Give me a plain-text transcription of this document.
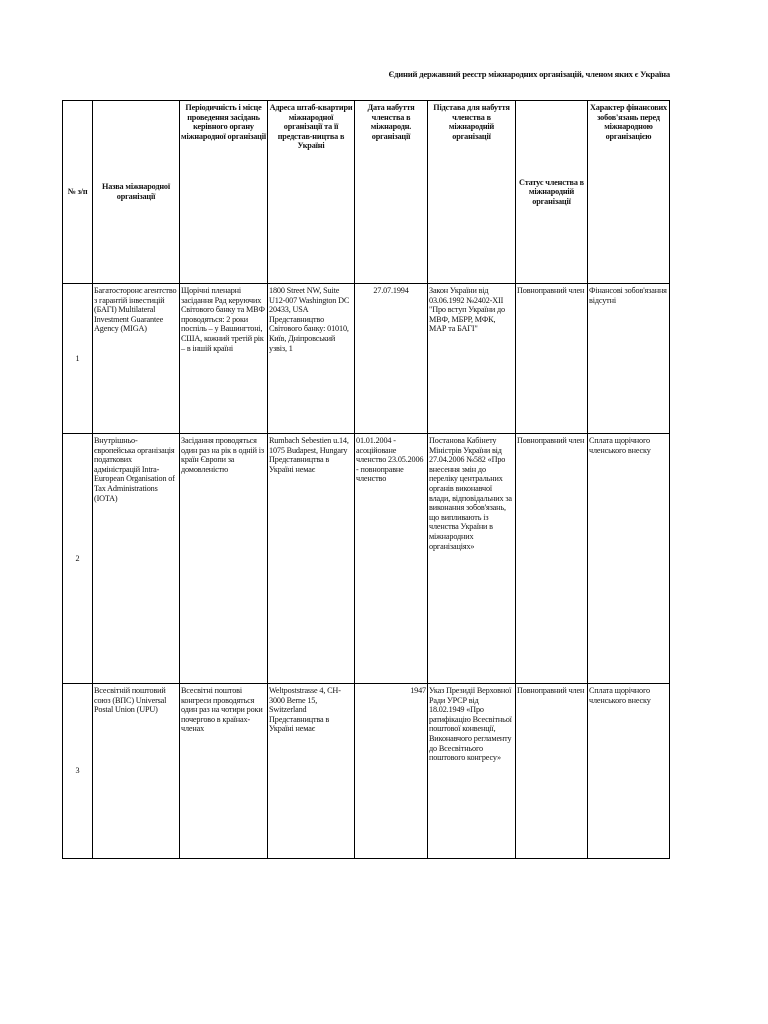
Єдиний державний реєстр міжнародних організацій, членом яких є Україна
№ з/п	Назва міжнародної організації	Періодичність і місце проведення засідань керівного органу міжнародної організації	Адреса штаб-квартири міжнародної організації та її представ-ництва в Україні	Дата набуття членства в міжнародн. організації	Підстава для набуття членства в міжнародній організації	Статус членства в міжнародній організації	Характер фінансових зобов'язань перед міжнародною організацією
1	Багатосторонє агентство з гарантій інвестицій (БАГІ) Multilateral Investment Guarantee Agency (MIGA)	Щорічні пленарні засідання Рад керуючих Світового банку та МВФ проводяться: 2 роки поспіль – у Вашингтоні, США, кожний третій рік – в іншій країні	1800 Street NW, Suite U12-007 Washington DC 20433, USA Представництво Світового банку: 01010, Київ, Дніпровський узвіз, 1	27.07.1994	Закон України від 03.06.1992 №2402-XII "Про вступ України до МВФ, МБРР, МФК, МАР та БАГІ"	Повноправний член	Фінансові зобов'язання відсутні
2	Внутрішньо-європейська організація податкових адміністрацій Intra-European Organisation of Tax Administrations (IOTA)	Засідання проводяться один раз на рік в одній із країн Європи за домовленістю	Rumbach Sebestien u.14, 1075 Budapest, Hungary Представництва в Україні немає	01.01.2004 - асоційоване членство 23.05.2006 - повноправне членство	Постанова Кабінету Міністрів України від 27.04.2006 №582 «Про внесення змін до переліку центральних органів виконавчої влади, відповідальних за виконання зобов'язань, що випливають із членства України в міжнародних організаціях»	Повноправний член	Сплата щорічного членського внеску
3	Всесвітній поштовий союз (ВПС) Universal Postal Union (UPU)	Всесвітні поштові конгреси проводяться один раз на чотири роки почергово в країнах-членах	Weltpoststrasse 4, CH-3000 Berne 15, Switzerland Представництва в Україні немає	1947	Указ Президії Верховної Ради УРСР від 18.02.1949 «Про ратифікацію Всесвітньої поштової конвенції, Виконавчого регламенту до Всесвітнього поштового конгресу»	Повноправний член	Сплата щорічного членського внеску
